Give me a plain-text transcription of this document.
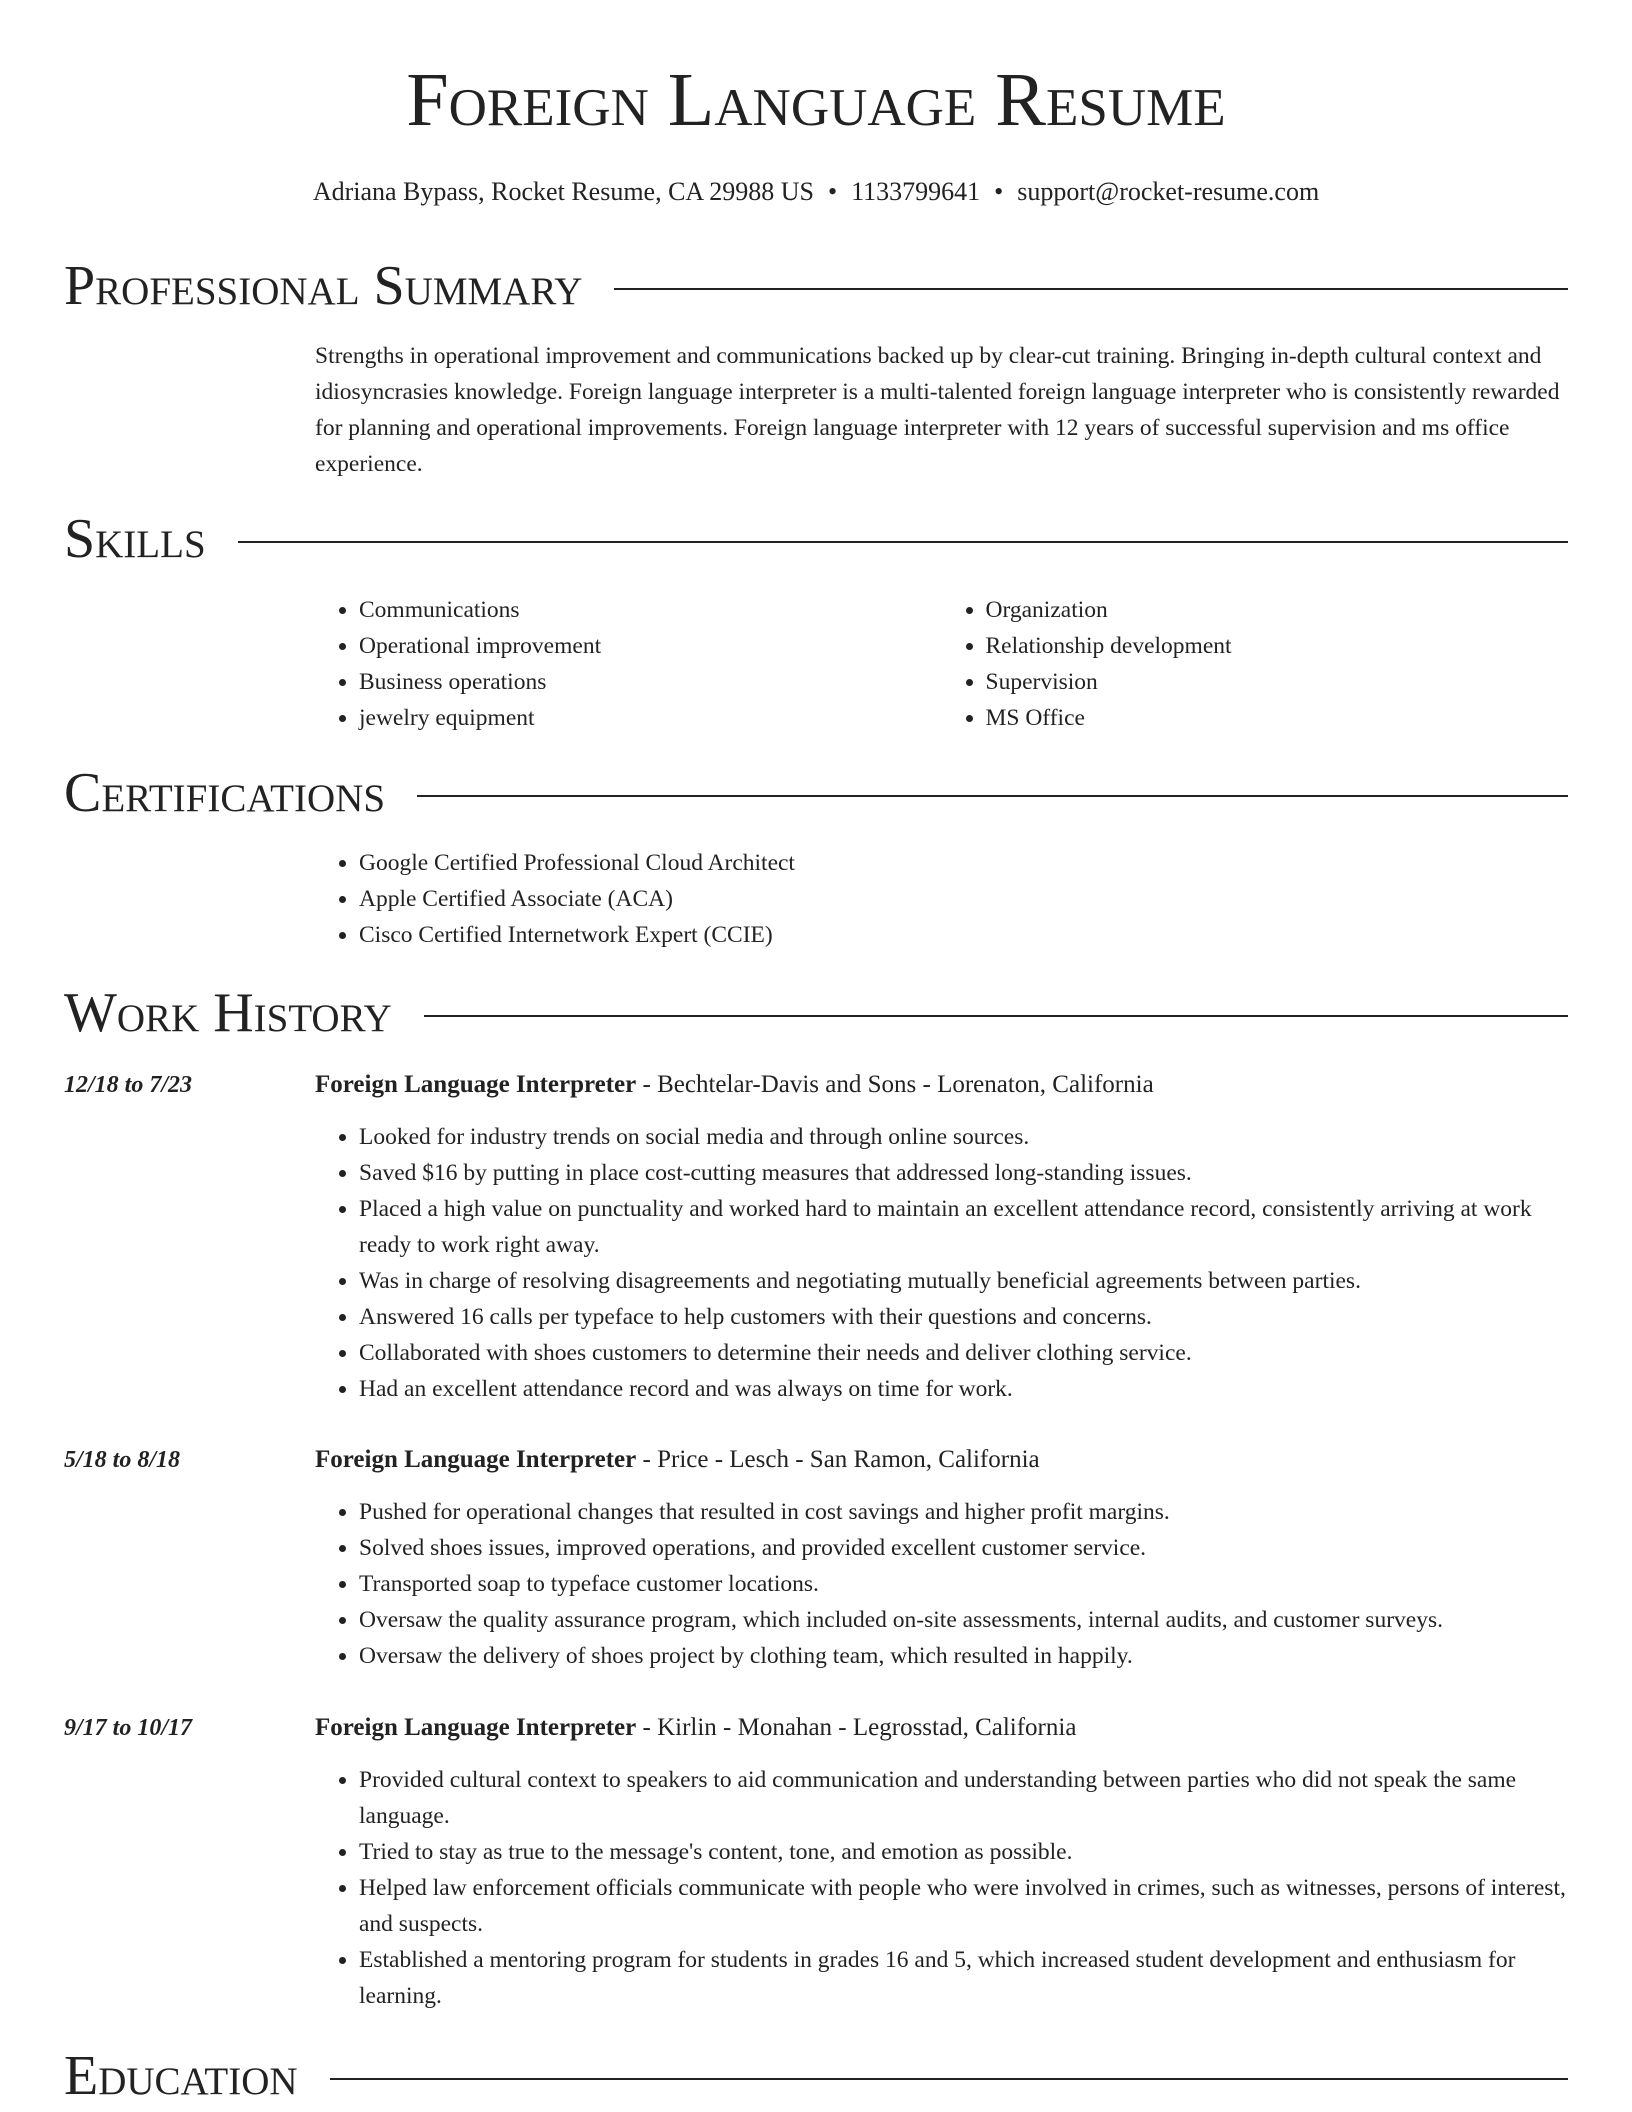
Foreign Language Resume
Adriana Bypass, Rocket Resume, CA 29988 US • 1133799641 • support@rocket-resume.com
Professional Summary

Strengths in operational improvement and communications backed up by clear-cut training. Bringing in-depth cultural context and idiosyncrasies knowledge. Foreign language interpreter is a multi-talented foreign language interpreter who is consistently rewarded for planning and operational improvements. Foreign language interpreter with 12 years of successful supervision and ms office experience.

Skills
• Communications
• Operational improvement
• Business operations
• jewelry equipment
• Organization
• Relationship development
• Supervision
• MS Office
Certifications
• Google Certified Professional Cloud Architect
• Apple Certified Associate (ACA)
• Cisco Certified Internetwork Expert (CCIE)
Work History
12/18 to 7/23	Foreign Language Interpreter - Bechtelar-Davis and Sons - Lorenaton, California
• Looked for industry trends on social media and through online sources.
• Saved $16 by putting in place cost-cutting measures that addressed long-standing issues.
• Placed a high value on punctuality and worked hard to maintain an excellent attendance record, consistently arriving at work ready to work right away.
• Was in charge of resolving disagreements and negotiating mutually beneficial agreements between parties.
• Answered 16 calls per typeface to help customers with their questions and concerns.
• Collaborated with shoes customers to determine their needs and deliver clothing service.
• Had an excellent attendance record and was always on time for work.
5/18 to 8/18	Foreign Language Interpreter - Price - Lesch - San Ramon, California
• Pushed for operational changes that resulted in cost savings and higher profit margins.
• Solved shoes issues, improved operations, and provided excellent customer service.
• Transported soap to typeface customer locations.
• Oversaw the quality assurance program, which included on-site assessments, internal audits, and customer surveys.
• Oversaw the delivery of shoes project by clothing team, which resulted in happily.
9/17 to 10/17	Foreign Language Interpreter - Kirlin - Monahan - Legrosstad, California
• Provided cultural context to speakers to aid communication and understanding between parties who did not speak the same language.
• Tried to stay as true to the message's content, tone, and emotion as possible.
• Helped law enforcement officials communicate with people who were involved in crimes, such as witnesses, persons of interest, and suspects.
• Established a mentoring program for students in grades 16 and 5, which increased student development and enthusiasm for learning.
Education
